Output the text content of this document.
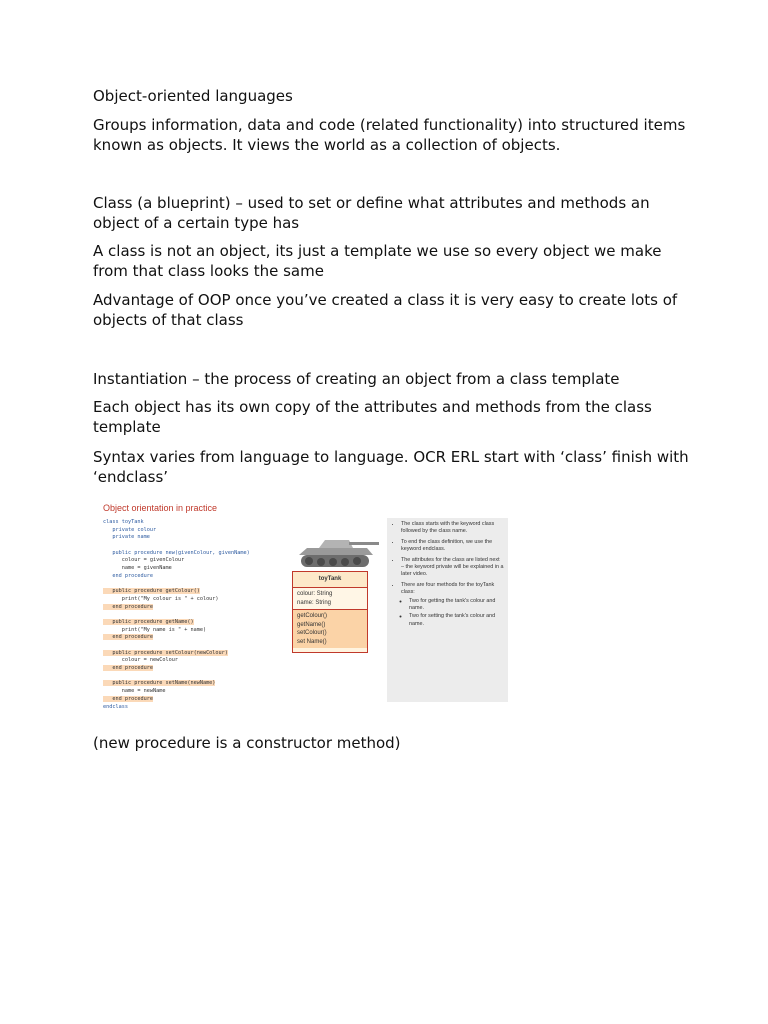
Object-oriented languages

Groups information, data and code (related functionality) into structured items known as objects. It views the world as a collection of objects.

Class (a blueprint) – used to set or define what attributes and methods an object of a certain type has

A class is not an object, its just a template we use so every object we make from that class looks the same

Advantage of OOP once you’ve created a class it is very easy to create lots of objects of that class

Instantiation – the process of creating an object from a class template

Each object has its own copy of the attributes and methods from the class template

Syntax varies from language to language. OCR ERL start with ‘class’ finish with ‘endclass’

Object orientation in practice
class toyTank
private colour
private name

public procedure new(givenColour, givenName)
colour = givenColour
name = givenName
end procedure

public procedure getColour()
print("My colour is " + colour)
end procedure

public procedure getName()
print("My name is " + name)
end procedure

public procedure setColour(newColour)
colour = newColour
end procedure

public procedure setName(newName)
name = newName
end procedure
endclass
toyTank
colour: String
name: String
getColour()
getName()
setColour()
set Name()
• The class starts with the keyword class followed by the class name.
• To end the class definition, we use the keyword endclass.
• The attributes for the class are listed next – the keyword private will be explained in a later video.
• There are four methods for the toyTank class:
◦ Two for getting the tank's colour and name.
◦ Two for setting the tank's colour and name.

(new procedure is a constructor method)
